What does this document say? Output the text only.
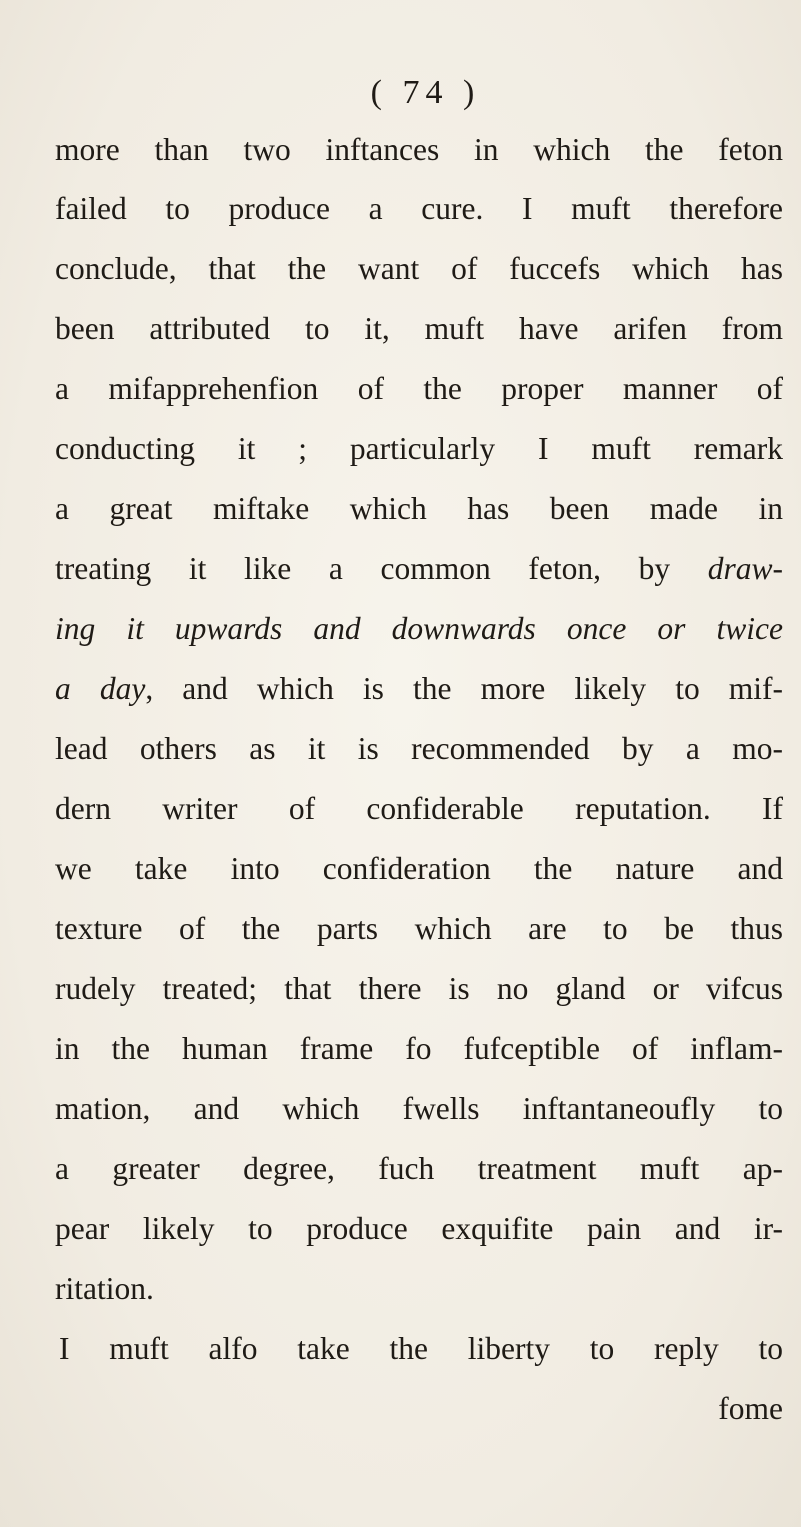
( 74 )
more than two inftances in which the feton
failed to produce a cure. I muft therefore
conclude, that the want of fuccefs which has
been attributed to it, muft have arifen from
a mifapprehenfion of the proper manner of
conducting it ; particularly I muft remark
a great miftake which has been made in
treating it like a common feton, by draw-
ing it upwards and downwards once or twice
a day, and which is the more likely to mif-
lead others as it is recommended by a mo-
dern writer of confiderable reputation. If
we take into confideration the nature and
texture of the parts which are to be thus
rudely treated; that there is no gland or vifcus
in the human frame fo fufceptible of inflam-
mation, and which fwells inftantaneoufly to
a greater degree, fuch treatment muft ap-
pear likely to produce exquifite pain and ir-
ritation.
I muft alfo take the liberty to reply to
fome
